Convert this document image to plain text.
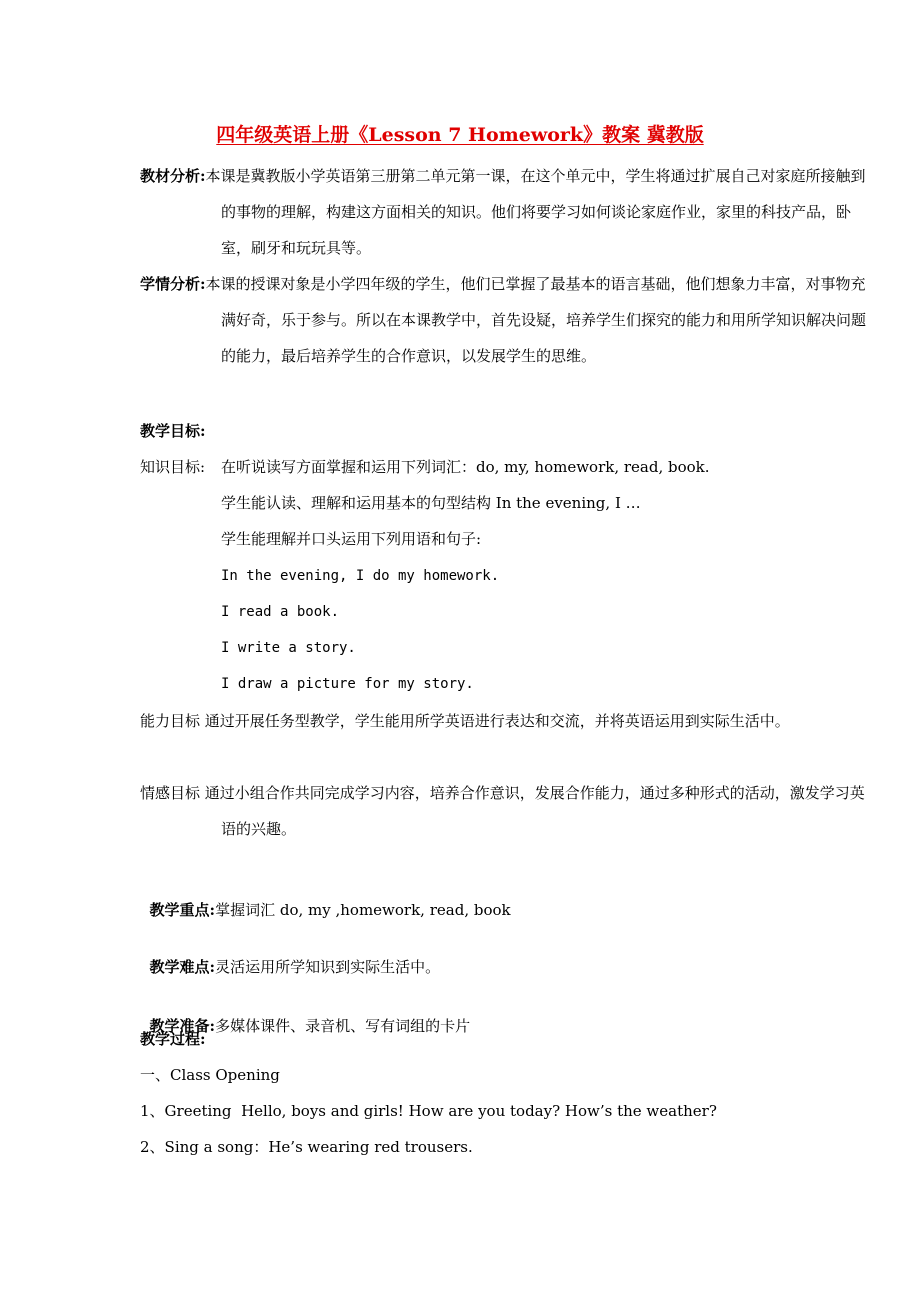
四年级英语上册《Lesson 7 Homework》教案 冀教版
教材分析:本课是冀教版小学英语第三册第二单元第一课，在这个单元中，学生将通过扩展自己对家庭所接触到的事物的理解，构建这方面相关的知识。他们将要学习如何谈论家庭作业，家里的科技产品，卧室，刷牙和玩玩具等。
学情分析:本课的授课对象是小学四年级的学生，他们已掌握了最基本的语言基础，他们想象力丰富，对事物充满好奇，乐于参与。所以在本课教学中，首先设疑，培养学生们探究的能力和用所学知识解决问题的能力，最后培养学生的合作意识，以发展学生的思维。
教学目标:
知识目标: 在听说读写方面掌握和运用下列词汇：do, my, homework, read, book.
学生能认读、理解和运用基本的句型结构 In the evening, I …
学生能理解并口头运用下列用语和句子:
In the evening, I do my homework.
I read a book.
I write a story.
I draw a picture for my story.
能力目标 通过开展任务型教学，学生能用所学英语进行表达和交流，并将英语运用到实际生活中。
情感目标 通过小组合作共同完成学习内容，培养合作意识，发展合作能力，通过多种形式的活动，激发学习英语的兴趣。

教学重点:掌握词汇 do, my ,homework, read, book

教学难点:灵活运用所学知识到实际生活中。

教学准备:多媒体课件、录音机、写有词组的卡片

教学过程:
一、Class Opening
1、Greeting  Hello, boys and girls! How are you today? How’s the weather?
2、Sing a song：He’s wearing red trousers.
